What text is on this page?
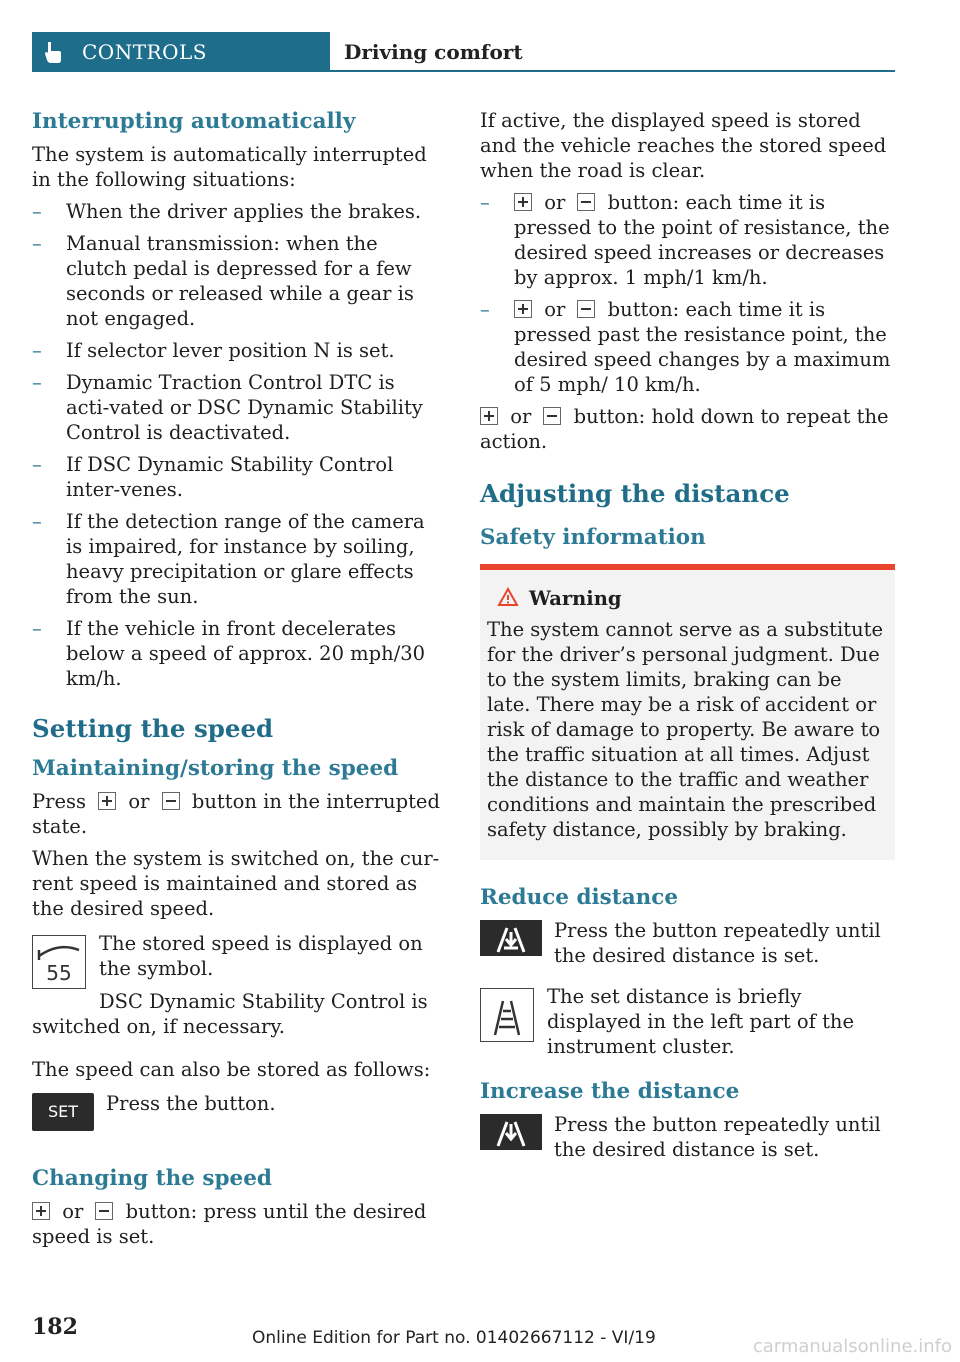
CONTROLS	Driving comfort
Interrupting automatically

The system is automatically interrupted in the following situations:

– When the driver applies the brakes.
– Manual transmission: when the clutch pedal is depressed for a few seconds or released while a gear is not engaged.
– If selector lever position N is set.
– Dynamic Traction Control DTC is acti-vated or DSC Dynamic Stability Control is deactivated.
– If DSC Dynamic Stability Control inter-venes.
– If the detection range of the camera is impaired, for instance by soiling, heavy precipitation or glare effects from the sun.
– If the vehicle in front decelerates below a speed of approx. 20 mph/30 km/h.
Setting the speed
Maintaining/storing the speed

Press or button in the interrupted state.

When the system is switched on, the cur-rent speed is maintained and stored as the desired speed.

55

The stored speed is displayed on the symbol.

DSC Dynamic Stability Control is switched on, if necessary.

The speed can also be stored as follows:

SET	Press the button.

Changing the speed

or button: press until the desired speed is set.

If active, the displayed speed is stored and the vehicle reaches the stored speed when the road is clear.

– or button: each time it is pressed to the point of resistance, the desired speed increases or decreases by approx. 1 mph/1 km/h.
– or button: each time it is pressed past the resistance point, the desired speed changes by a maximum of 5 mph/ 10 km/h.

or button: hold down to repeat the action.

Adjusting the distance
Safety information
Warning
The system cannot serve as a substitute for the driver’s personal judgment. Due to the system limits, braking can be late. There may be a risk of accident or risk of damage to property. Be aware to the traffic situation at all times. Adjust the distance to the traffic and weather conditions and maintain the prescribed safety distance, possibly by braking.
Reduce distance

Press the button repeatedly until the desired distance is set.

The set distance is briefly displayed in the left part of the instrument cluster.

Increase the distance

Press the button repeatedly until the desired distance is set.

182	Online Edition for Part no. 01402667112 - VI/19	carmanualsonline.info
